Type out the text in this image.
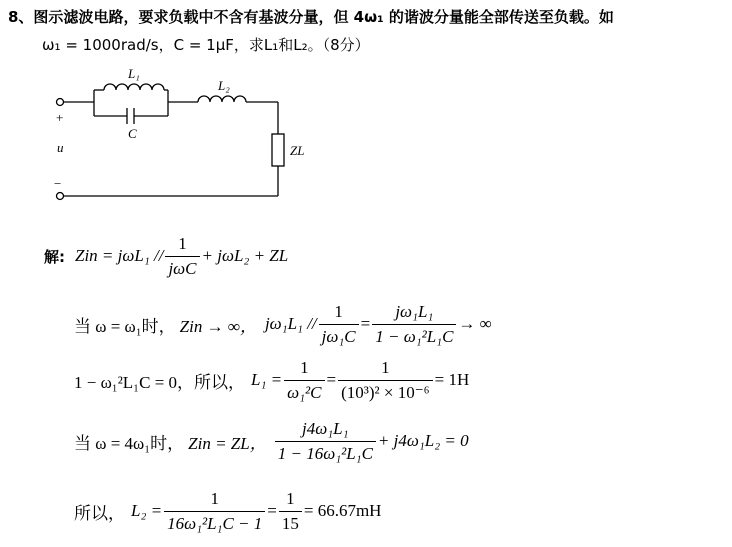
8、图示滤波电路，要求负载中不含有基波分量，但 4ω₁ 的谐波分量能全部传送至负载。如
ω₁ = 1000rad/s，C = 1μF，求L₁和L₂。（8分）
L₁
C
L₂
ZL
+
u
−
解: Zin = $j\omega L_1 // \frac{1}{\text{jωC}} + j\omega L_2$ + ZL
当 ω = ω₁时， Zin → ∞， $j\omega_1L_1 // \frac{1}{\text{jω₁C}} = \frac{\text{jω₁L₁}}{\text{1 − ω₁²L₁C}}$ → ∞
1 − ω₁²L₁C = 0，所以， $L_1 = \frac{1}{\text{ω₁²C}} = \frac{1}{\text{(10³)² × 10⁻⁶}} = 1H$
当 ω = 4ω₁时， Zin = ZL， $\frac{\text{j4ω₁L₁}}{\text{1 − 16ω₁²L₁C}} + j4\omega_1L_2 = 0$
所以， $L_2 = \frac{1}{\text{16ω₁²L₁C − 1}} = \frac{1}{15} = 66.67mH$
